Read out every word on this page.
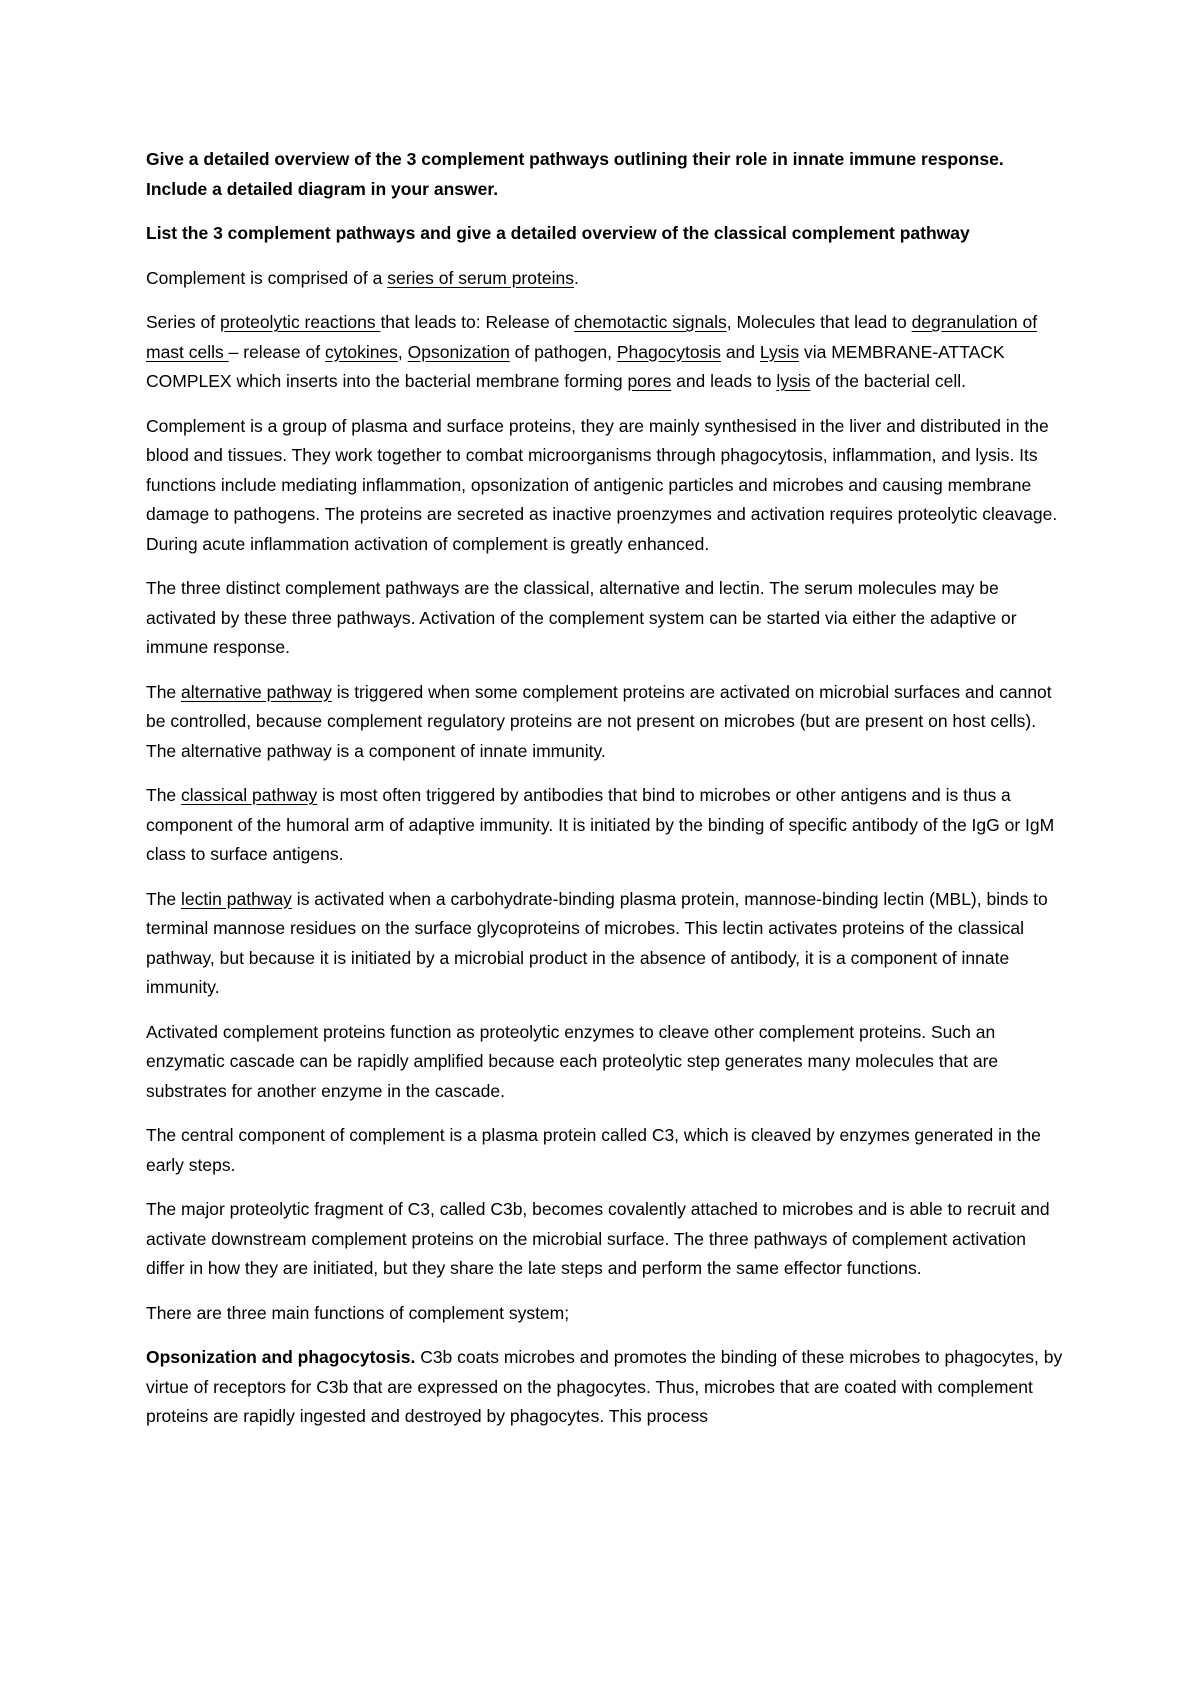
Give a detailed overview of the 3 complement pathways outlining their role in innate immune response. Include a detailed diagram in your answer.

List the 3 complement pathways and give a detailed overview of the classical complement pathway

Complement is comprised of a series of serum proteins.

Series of proteolytic reactions that leads to: Release of chemotactic signals, Molecules that lead to degranulation of mast cells – release of cytokines, Opsonization of pathogen, Phagocytosis and Lysis via MEMBRANE-ATTACK COMPLEX which inserts into the bacterial membrane forming pores and leads to lysis of the bacterial cell.

Complement is a group of plasma and surface proteins, they are mainly synthesised in the liver and distributed in the blood and tissues. They work together to combat microorganisms through phagocytosis, inflammation, and lysis. Its functions include mediating inflammation, opsonization of antigenic particles and microbes and causing membrane damage to pathogens. The proteins are secreted as inactive proenzymes and activation requires proteolytic cleavage. During acute inflammation activation of complement is greatly enhanced.

The three distinct complement pathways are the classical, alternative and lectin. The serum molecules may be activated by these three pathways. Activation of the complement system can be started via either the adaptive or immune response.

The alternative pathway is triggered when some complement proteins are activated on microbial surfaces and cannot be controlled, because complement regulatory proteins are not present on microbes (but are present on host cells). The alternative pathway is a component of innate immunity.

The classical pathway is most often triggered by antibodies that bind to microbes or other antigens and is thus a component of the humoral arm of adaptive immunity. It is initiated by the binding of specific antibody of the IgG or IgM class to surface antigens.

The lectin pathway is activated when a carbohydrate-binding plasma protein, mannose-binding lectin (MBL), binds to terminal mannose residues on the surface glycoproteins of microbes. This lectin activates proteins of the classical pathway, but because it is initiated by a microbial product in the absence of antibody, it is a component of innate immunity.

Activated complement proteins function as proteolytic enzymes to cleave other complement proteins. Such an enzymatic cascade can be rapidly amplified because each proteolytic step generates many molecules that are substrates for another enzyme in the cascade.

The central component of complement is a plasma protein called C3, which is cleaved by enzymes generated in the early steps.

The major proteolytic fragment of C3, called C3b, becomes covalently attached to microbes and is able to recruit and activate downstream complement proteins on the microbial surface. The three pathways of complement activation differ in how they are initiated, but they share the late steps and perform the same effector functions.

There are three main functions of complement system;

Opsonization and phagocytosis. C3b coats microbes and promotes the binding of these microbes to phagocytes, by virtue of receptors for C3b that are expressed on the phagocytes. Thus, microbes that are coated with complement proteins are rapidly ingested and destroyed by phagocytes. This process
